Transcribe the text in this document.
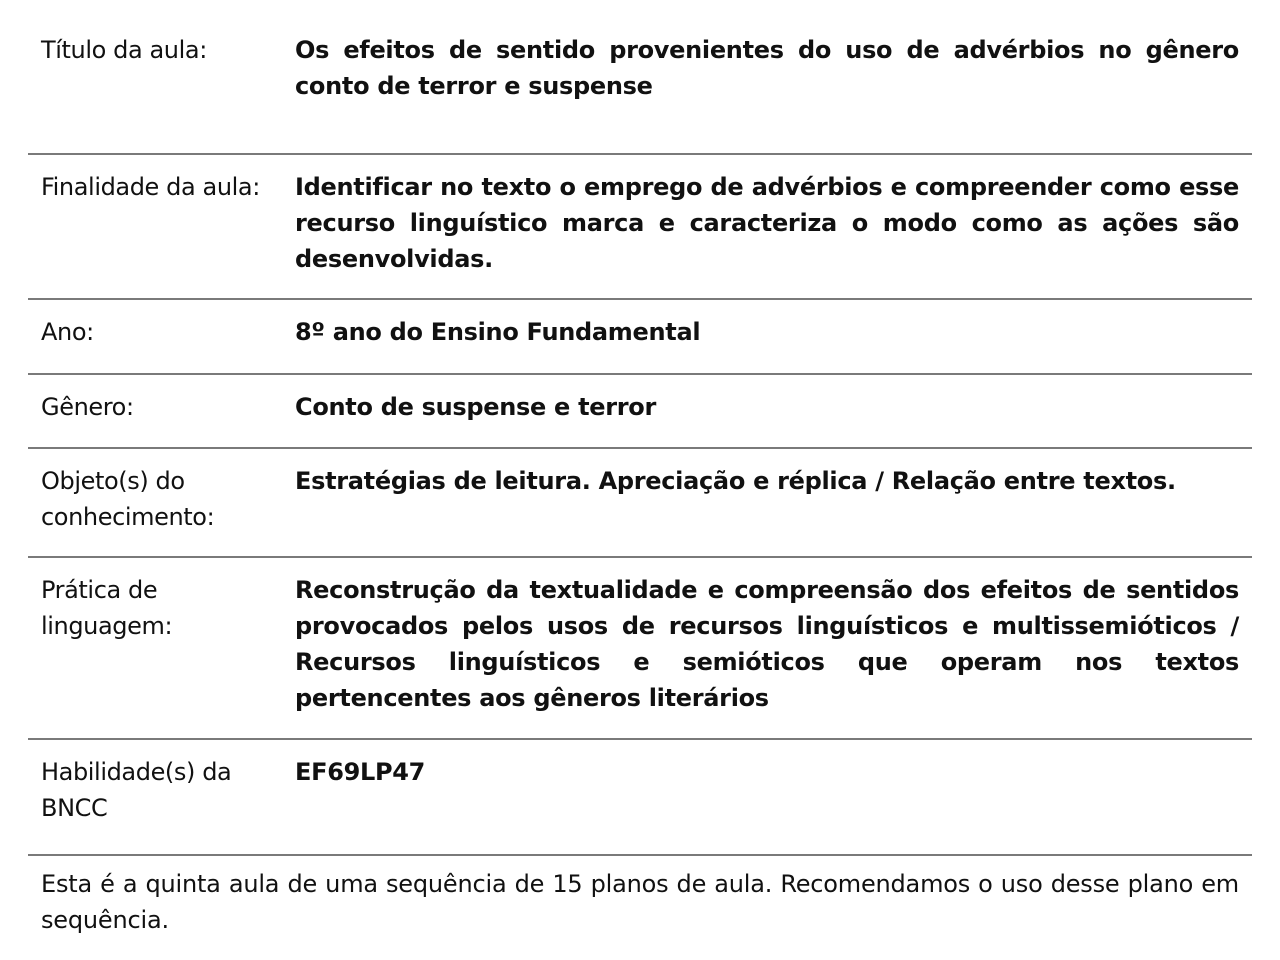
Título da aula:	Os efeitos de sentido provenientes do uso de advérbios no gênero conto de terror e suspense
Finalidade da aula:	Identificar no texto o emprego de advérbios e compreender como esse recurso linguístico marca e caracteriza o modo como as ações são desenvolvidas.
Ano:	8º ano do Ensino Fundamental
Gênero:	Conto de suspense e terror
Objeto(s) do conhecimento:	Estratégias de leitura. Apreciação e réplica / Relação entre textos.
Prática de linguagem:	Reconstrução da textualidade e compreensão dos efeitos de sentidos provocados pelos usos de recursos linguísticos e multissemióticos / Recursos linguísticos e semióticos que operam nos textos pertencentes aos gêneros literários
Habilidade(s) da BNCC	EF69LP47
Esta é a quinta aula de uma sequência de 15 planos de aula. Recomendamos o uso desse plano em sequência.	
